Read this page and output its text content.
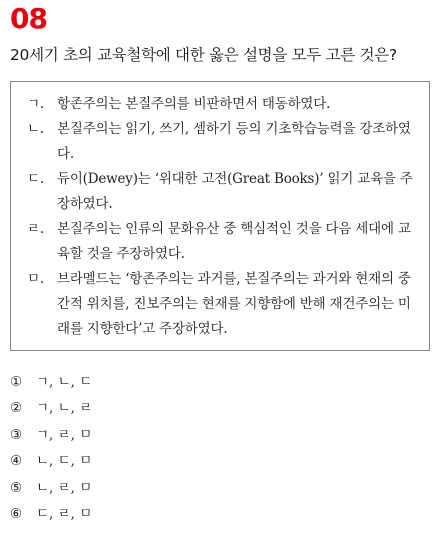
08
20세기 초의 교육철학에 대한 옳은 설명을 모두 고른 것은?
ㄱ. 항존주의는 본질주의를 비판하면서 태동하였다.
ㄴ. 본질주의는 읽기, 쓰기, 셈하기 등의 기초학습능력을 강조하였다.
ㄷ. 듀이(Dewey)는 ‘위대한 고전(Great Books)’ 읽기 교육을 주장하였다.
ㄹ. 본질주의는 인류의 문화유산 중 핵심적인 것을 다음 세대에 교육할 것을 주장하였다.
ㅁ. 브라멜드는 ‘항존주의는 과거를, 본질주의는 과거와 현재의 중간적 위치를, 진보주의는 현재를 지향함에 반해 재건주의는 미래를 지향한다’고 주장하였다.
① ㄱ, ㄴ, ㄷ
② ㄱ, ㄴ, ㄹ
③ ㄱ, ㄹ, ㅁ
④ ㄴ, ㄷ, ㅁ
⑤ ㄴ, ㄹ, ㅁ
⑥ ㄷ, ㄹ, ㅁ
